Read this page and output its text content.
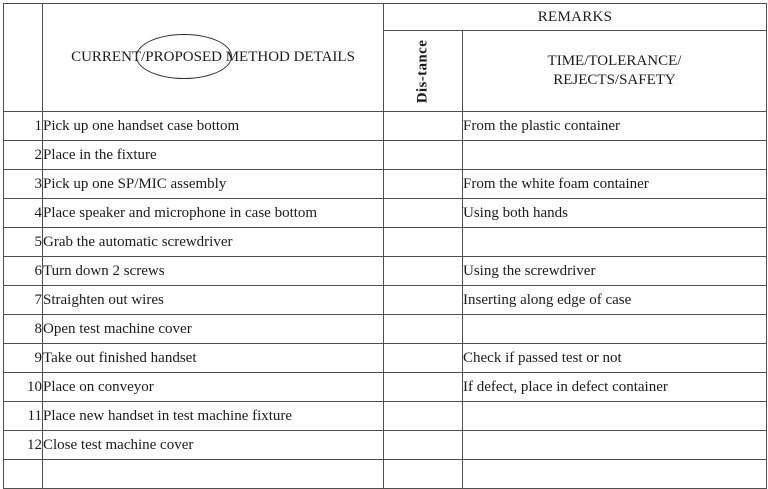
	CURRENT/PROPOSED METHOD DETAILS	REMARKS	

		Dis-tance	TIME/TOLERANCE/
REJECTS/SAFETY

1	Pick up one handset case bottom		From the plastic container
2	Place in the fixture		
3	Pick up one SP/MIC assembly		From the white foam container
4	Place speaker and microphone in case bottom		Using both hands
5	Grab the automatic screwdriver		
6	Turn down 2 screws		Using the screwdriver
7	Straighten out wires		Inserting along edge of case
8	Open test machine cover		
9	Take out finished handset		Check if passed test or not
10	Place on conveyor		If defect, place in defect container
11	Place new handset in test machine fixture		
12	Close test machine cover		
